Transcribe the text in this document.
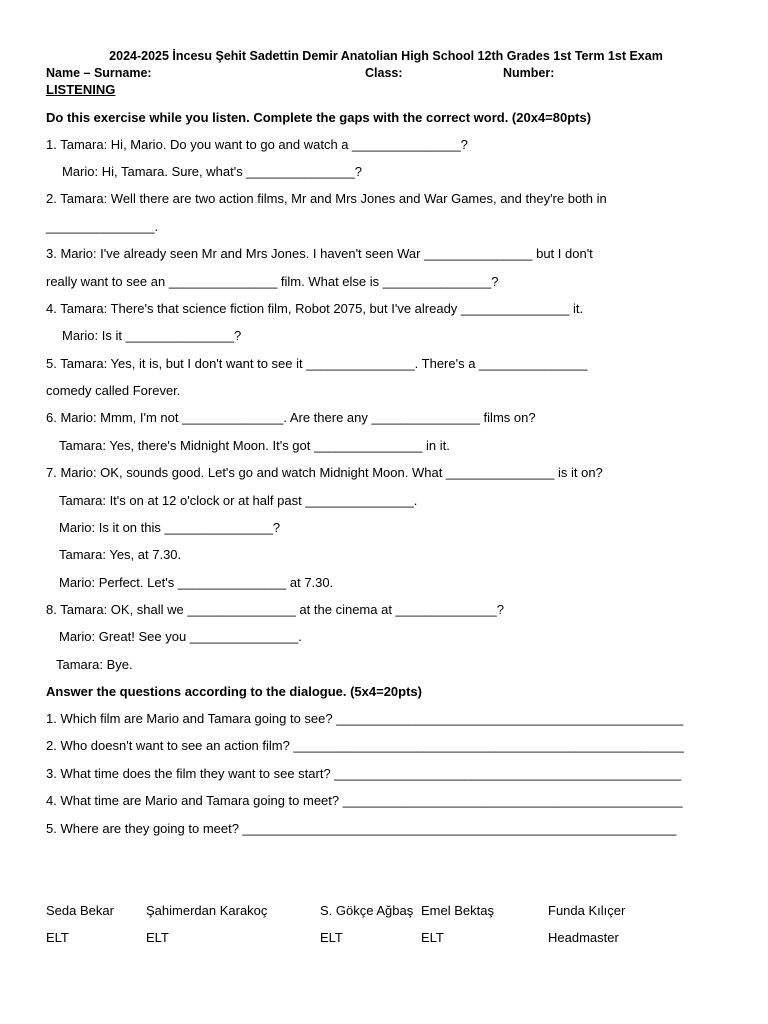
2024-2025 İncesu Şehit Sadettin Demir Anatolian High School 12th Grades 1st Term 1st Exam
Name – Surname:	Class:	Number:
LISTENING
Do this exercise while you listen. Complete the gaps with the correct word. (20x4=80pts)
1. Tamara: Hi, Mario. Do you want to go and watch a _______________?
Mario: Hi, Tamara. Sure, what's _______________?
2. Tamara: Well there are two action films, Mr and Mrs Jones and War Games, and they're both in
_______________.
3. Mario: I've already seen Mr and Mrs Jones. I haven't seen War _______________ but I don't
really want to see an _______________ film. What else is _______________?
4. Tamara: There's that science fiction film, Robot 2075, but I've already _______________ it.
Mario: Is it _______________?
5. Tamara: Yes, it is, but I don't want to see it _______________. There's a _______________
comedy called Forever.
6. Mario: Mmm, I'm not ______________. Are there any _______________ films on?
Tamara: Yes, there's Midnight Moon. It's got _______________ in it.
7. Mario: OK, sounds good. Let's go and watch Midnight Moon. What _______________ is it on?
Tamara: It's on at 12 o'clock or at half past _______________.
Mario: Is it on this _______________?
Tamara: Yes, at 7.30.
Mario: Perfect. Let's _______________ at 7.30.
8. Tamara: OK, shall we _______________ at the cinema at ______________?
Mario: Great! See you _______________.
Tamara: Bye.
Answer the questions according to the dialogue. (5x4=20pts)
1. Which film are Mario and Tamara going to see? ________________________________________________
2. Who doesn't want to see an action film? ______________________________________________________
3. What time does the film they want to see start? ________________________________________________
4. What time are Mario and Tamara going to meet? _______________________________________________
5. Where are they going to meet? ____________________________________________________________
Seda Bekar
ELT
Şahimerdan Karakoç
ELT
S. Gökçe Ağbaş
ELT
Emel Bektaş
ELT
Funda Kılıçer
Headmaster
